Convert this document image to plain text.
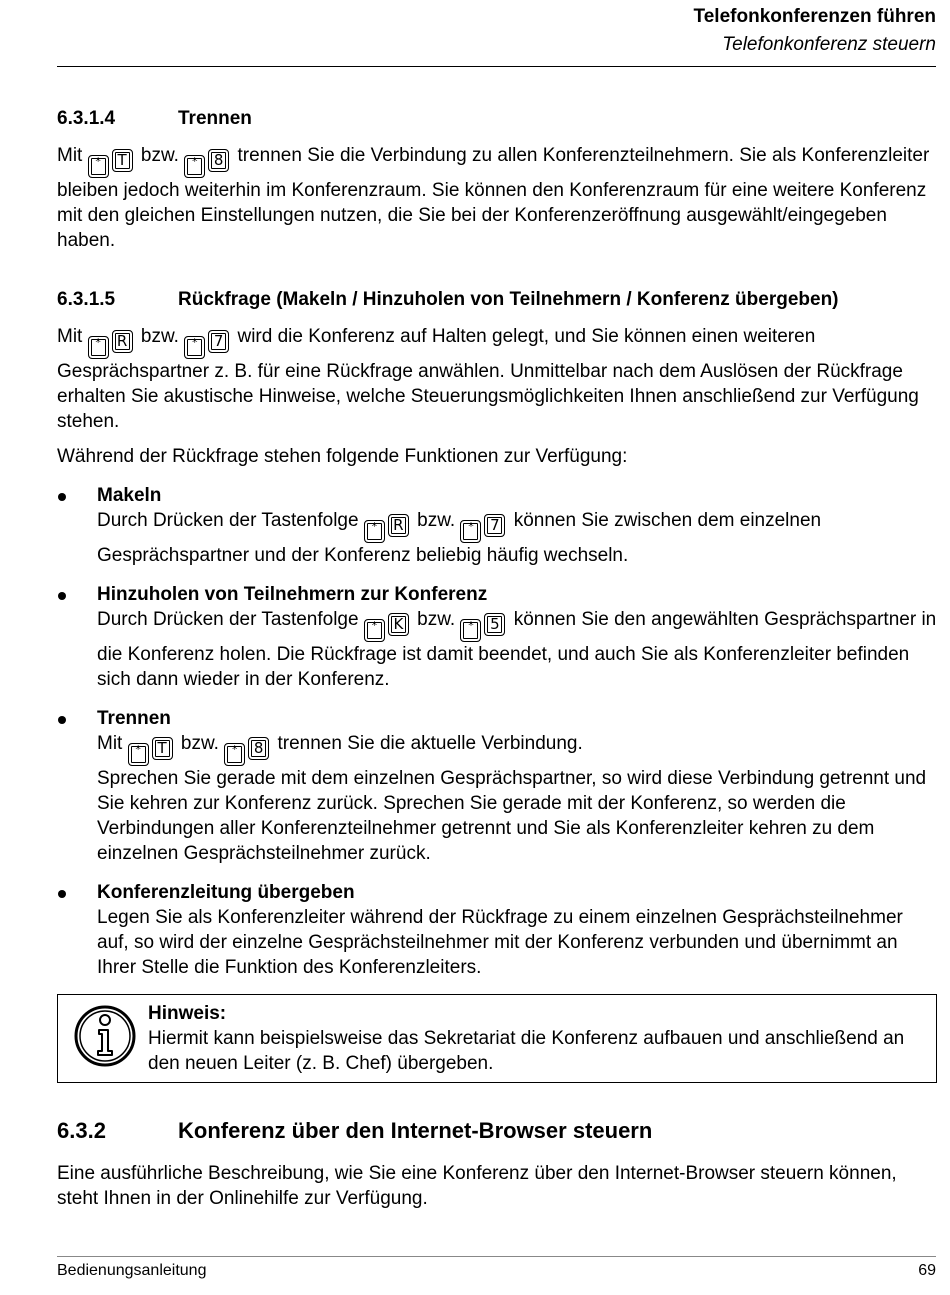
Telefonkonferenzen führen
Telefonkonferenz steuern
6.3.1.4	Trennen

Mit * T bzw. * 8 trennen Sie die Verbindung zu allen Konferenzteilnehmern. Sie als Konferenzleiter bleiben jedoch weiterhin im Konferenzraum. Sie können den Konferenzraum für eine weitere Konferenz mit den gleichen Einstellungen nutzen, die Sie bei der Konferenzeröffnung ausgewählt/eingegeben haben.

6.3.1.5	Rückfrage (Makeln / Hinzuholen von Teilnehmern / Konferenz übergeben)

Mit * R bzw. * 7 wird die Konferenz auf Halten gelegt, und Sie können einen weiteren Gesprächspartner z. B. für eine Rückfrage anwählen. Unmittelbar nach dem Auslösen der Rückfrage erhalten Sie akustische Hinweise, welche Steuerungsmöglichkeiten Ihnen anschließend zur Verfügung stehen.

Während der Rückfrage stehen folgende Funktionen zur Verfügung:

Makeln
Durch Drücken der Tastenfolge * R bzw. * 7 können Sie zwischen dem einzelnen Gesprächspartner und der Konferenz beliebig häufig wechseln.
Hinzuholen von Teilnehmern zur Konferenz
Durch Drücken der Tastenfolge * K bzw. * 5 können Sie den angewählten Gesprächspartner in die Konferenz holen. Die Rückfrage ist damit beendet, und auch Sie als Konferenzleiter befinden sich dann wieder in der Konferenz.
Trennen
Mit * T bzw. * 8 trennen Sie die aktuelle Verbindung.
Sprechen Sie gerade mit dem einzelnen Gesprächspartner, so wird diese Verbindung getrennt und Sie kehren zur Konferenz zurück. Sprechen Sie gerade mit der Konferenz, so werden die Verbindungen aller Konferenzteilnehmer getrennt und Sie als Konferenzleiter kehren zu dem einzelnen Gesprächsteilnehmer zurück.
Konferenzleitung übergeben
Legen Sie als Konferenzleiter während der Rückfrage zu einem einzelnen Gesprächsteilnehmer auf, so wird der einzelne Gesprächsteilnehmer mit der Konferenz verbunden und übernimmt an Ihrer Stelle die Funktion des Konferenzleiters.
Hinweis:
Hiermit kann beispielsweise das Sekretariat die Konferenz aufbauen und anschließend an den neuen Leiter (z. B. Chef) übergeben.
6.3.2	Konferenz über den Internet-Browser steuern

Eine ausführliche Beschreibung, wie Sie eine Konferenz über den Internet-Browser steuern können, steht Ihnen in der Onlinehilfe zur Verfügung.

Bedienungsanleitung	69
